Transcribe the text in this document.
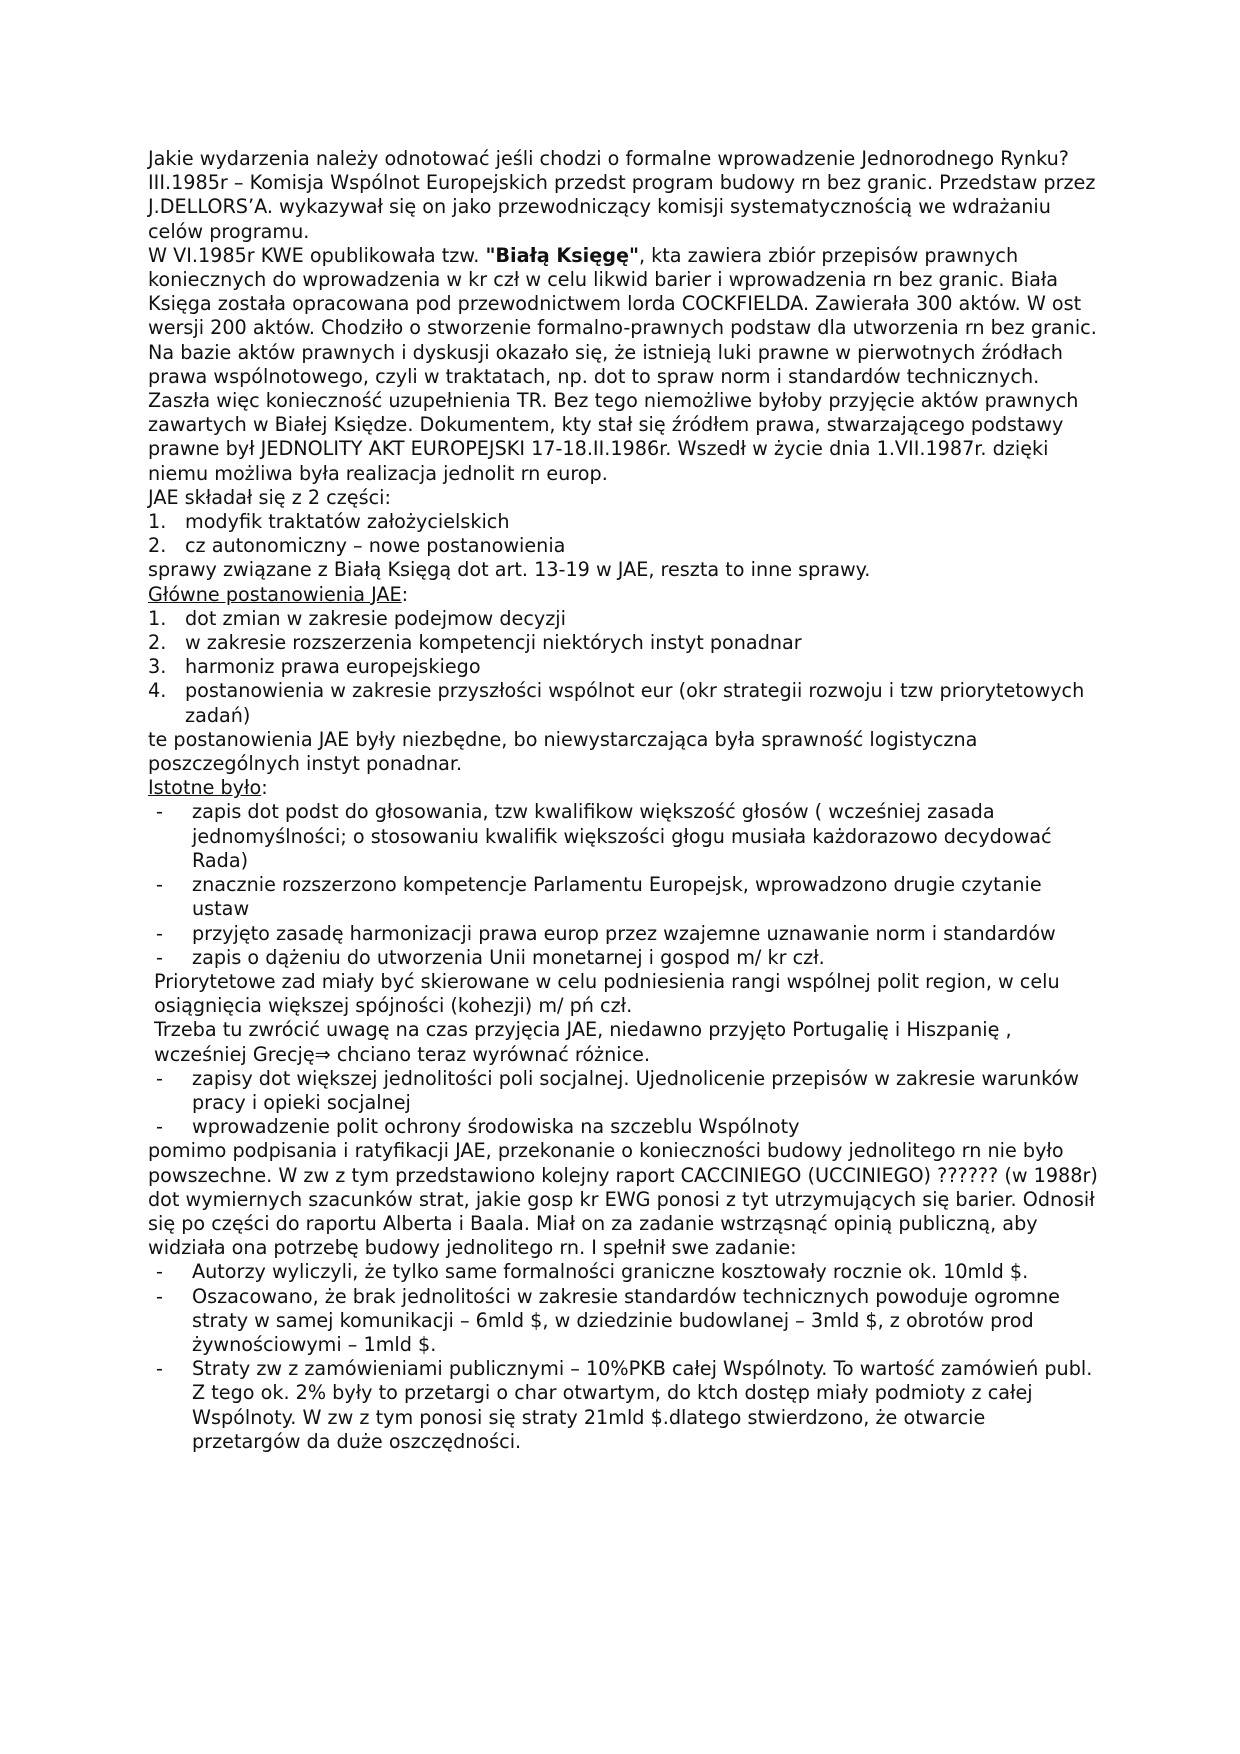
Jakie wydarzenia należy odnotować jeśli chodzi o formalne wprowadzenie Jednorodnego Rynku?

III.1985r – Komisja Wspólnot Europejskich przedst program budowy rn bez granic. Przedstaw przez J.DELLORS’A. wykazywał się on jako przewodniczący komisji systematycznością we wdrażaniu celów programu.

W VI.1985r KWE opublikowała tzw. "Białą Księgę", kta zawiera zbiór przepisów prawnych koniecznych do wprowadzenia w kr czł w celu likwid barier i wprowadzenia rn bez granic. Biała Księga została opracowana pod przewodnictwem lorda COCKFIELDA. Zawierała 300 aktów. W ost wersji 200 aktów. Chodziło o stworzenie formalno-prawnych podstaw dla utworzenia rn bez granic.

Na bazie aktów prawnych i dyskusji okazało się, że istnieją luki prawne w pierwotnych źródłach prawa wspólnotowego, czyli w traktatach, np. dot to spraw norm i standardów technicznych. Zaszła więc konieczność uzupełnienia TR. Bez tego niemożliwe byłoby przyjęcie aktów prawnych zawartych w Białej Księdze. Dokumentem, kty stał się źródłem prawa, stwarzającego podstawy prawne był JEDNOLITY AKT EUROPEJSKI 17-18.II.1986r. Wszedł w życie dnia 1.VII.1987r. dzięki niemu możliwa była realizacja jednolit rn europ.

JAE składał się z 2 części:

1. modyfik traktatów założycielskich
2. cz autonomiczny – nowe postanowienia

sprawy związane z Białą Księgą dot art. 13-19 w JAE, reszta to inne sprawy.

Główne postanowienia JAE:

1. dot zmian w zakresie podejmow decyzji
2. w zakresie rozszerzenia kompetencji niektórych instyt ponadnar
3. harmoniz prawa europejskiego
4. postanowienia w zakresie przyszłości wspólnot eur (okr strategii rozwoju i tzw priorytetowych zadań)

te postanowienia JAE były niezbędne, bo niewystarczająca była sprawność logistyczna poszczególnych instyt ponadnar.

Istotne było:

- zapis dot podst do głosowania, tzw kwalifikow większość głosów ( wcześniej zasada jednomyślności; o stosowaniu kwalifik większości głogu musiała każdorazowo decydować Rada)
- znacznie rozszerzono kompetencje Parlamentu Europejsk, wprowadzono drugie czytanie ustaw
- przyjęto zasadę harmonizacji prawa europ przez wzajemne uznawanie norm i standardów
- zapis o dążeniu do utworzenia Unii monetarnej i gospod m/ kr czł.

Priorytetowe zad miały być skierowane w celu podniesienia rangi wspólnej polit region, w celu osiągnięcia większej spójności (kohezji) m/ pń czł.

Trzeba tu zwrócić uwagę na czas przyjęcia JAE, niedawno przyjęto Portugalię i Hiszpanię , wcześniej Grecję⇒ chciano teraz wyrównać różnice.

- zapisy dot większej jednolitości poli socjalnej. Ujednolicenie przepisów w zakresie warunków pracy i opieki socjalnej
- wprowadzenie polit ochrony środowiska na szczeblu Wspólnoty

pomimo podpisania i ratyfikacji JAE, przekonanie o konieczności budowy jednolitego rn nie było powszechne. W zw z tym przedstawiono kolejny raport CACCINIEGO (UCCINIEGO) ?????? (w 1988r) dot wymiernych szacunków strat, jakie gosp kr EWG ponosi z tyt utrzymujących się barier. Odnosił się po części do raportu Alberta i Baala. Miał on za zadanie wstrząsnąć opinią publiczną, aby widziała ona potrzebę budowy jednolitego rn. I spełnił swe zadanie:

- Autorzy wyliczyli, że tylko same formalności graniczne kosztowały rocznie ok. 10mld $.
- Oszacowano, że brak jednolitości w zakresie standardów technicznych powoduje ogromne straty w samej komunikacji – 6mld $, w dziedzinie budowlanej – 3mld $, z obrotów prod żywnościowymi – 1mld $.
- Straty zw z zamówieniami publicznymi – 10%PKB całej Wspólnoty. To wartość zamówień publ. Z tego ok. 2% były to przetargi o char otwartym, do ktch dostęp miały podmioty z całej Wspólnoty. W zw z tym ponosi się straty 21mld $.dlatego stwierdzono, że otwarcie przetargów da duże oszczędności.
